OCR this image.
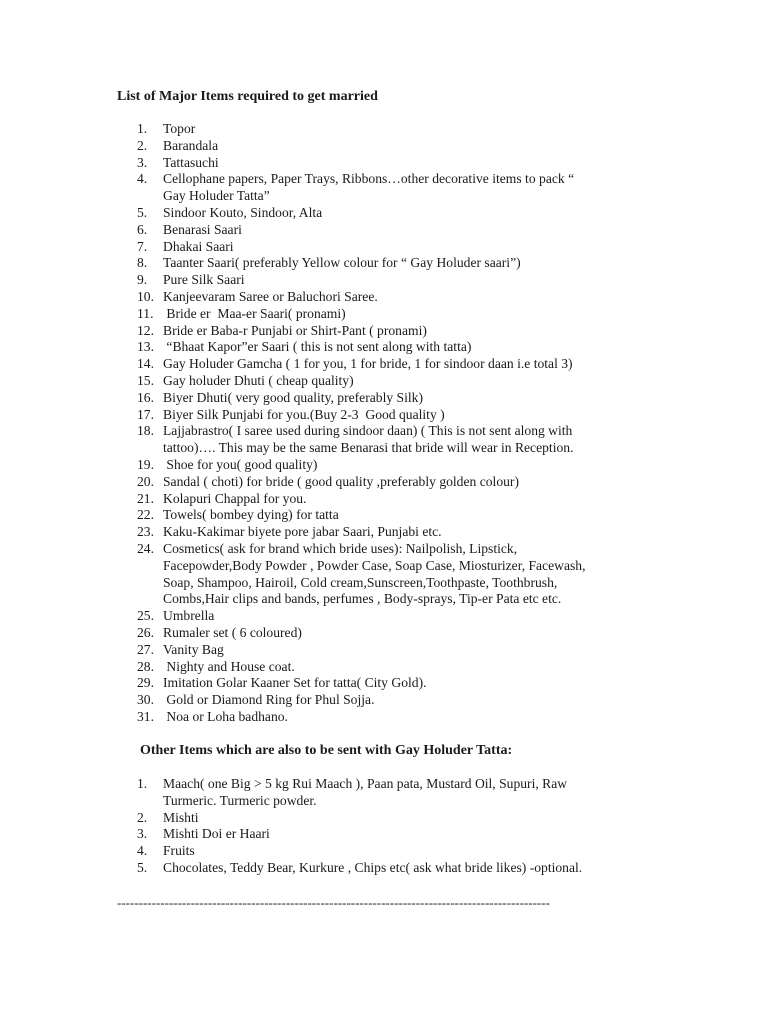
List of Major Items required to get married
1.	Topor
2.	Barandala
3.	Tattasuchi
4.	Cellophane papers, Paper Trays, Ribbons…other decorative items to pack “
Gay Holuder Tatta”
5.	Sindoor Kouto, Sindoor, Alta
6.	Benarasi Saari
7.	Dhakai Saari
8.	Taanter Saari( preferably Yellow colour for “ Gay Holuder saari”)
9.	Pure Silk Saari
10. Kanjeevaram Saree or Baluchori Saree.
11. Bride er  Maa-er Saari( pronami)
12. Bride er Baba-r Punjabi or Shirt-Pant ( pronami)
13. “Bhaat Kapor”er Saari ( this is not sent along with tatta)
14. Gay Holuder Gamcha ( 1 for you, 1 for bride, 1 for sindoor daan i.e total 3)
15. Gay holuder Dhuti ( cheap quality)
16. Biyer Dhuti( very good quality, preferably Silk)
17. Biyer Silk Punjabi for you.(Buy 2-3  Good quality )
18. Lajjabrastro( I saree used during sindoor daan) ( This is not sent along with
tattoo)…. This may be the same Benarasi that bride will wear in Reception.
19. Shoe for you( good quality)
20. Sandal ( choti) for bride ( good quality ,preferably golden colour)
21. Kolapuri Chappal for you.
22. Towels( bombey dying) for tatta
23. Kaku-Kakimar biyete pore jabar Saari, Punjabi etc.
24. Cosmetics( ask for brand which bride uses): Nailpolish, Lipstick,
Facepowder,Body Powder , Powder Case, Soap Case, Miosturizer, Facewash,
Soap, Shampoo, Hairoil, Cold cream,Sunscreen,Toothpaste, Toothbrush,
Combs,Hair clips and bands, perfumes , Body-sprays, Tip-er Pata etc etc.
25. Umbrella
26. Rumaler set ( 6 coloured)
27. Vanity Bag
28. Nighty and House coat.
29. Imitation Golar Kaaner Set for tatta( City Gold).
30. Gold or Diamond Ring for Phul Sojja.
31. Noa or Loha badhano.
Other Items which are also to be sent with Gay Holuder Tatta:
1.	Maach( one Big > 5 kg Rui Maach ), Paan pata, Mustard Oil, Supuri, Raw
Turmeric. Turmeric powder.
2.	Mishti
3.	Mishti Doi er Haari
4.	Fruits
5.	Chocolates, Teddy Bear, Kurkure , Chips etc( ask what bride likes) -optional.
----------------------------------------------------------------------------------------------------
